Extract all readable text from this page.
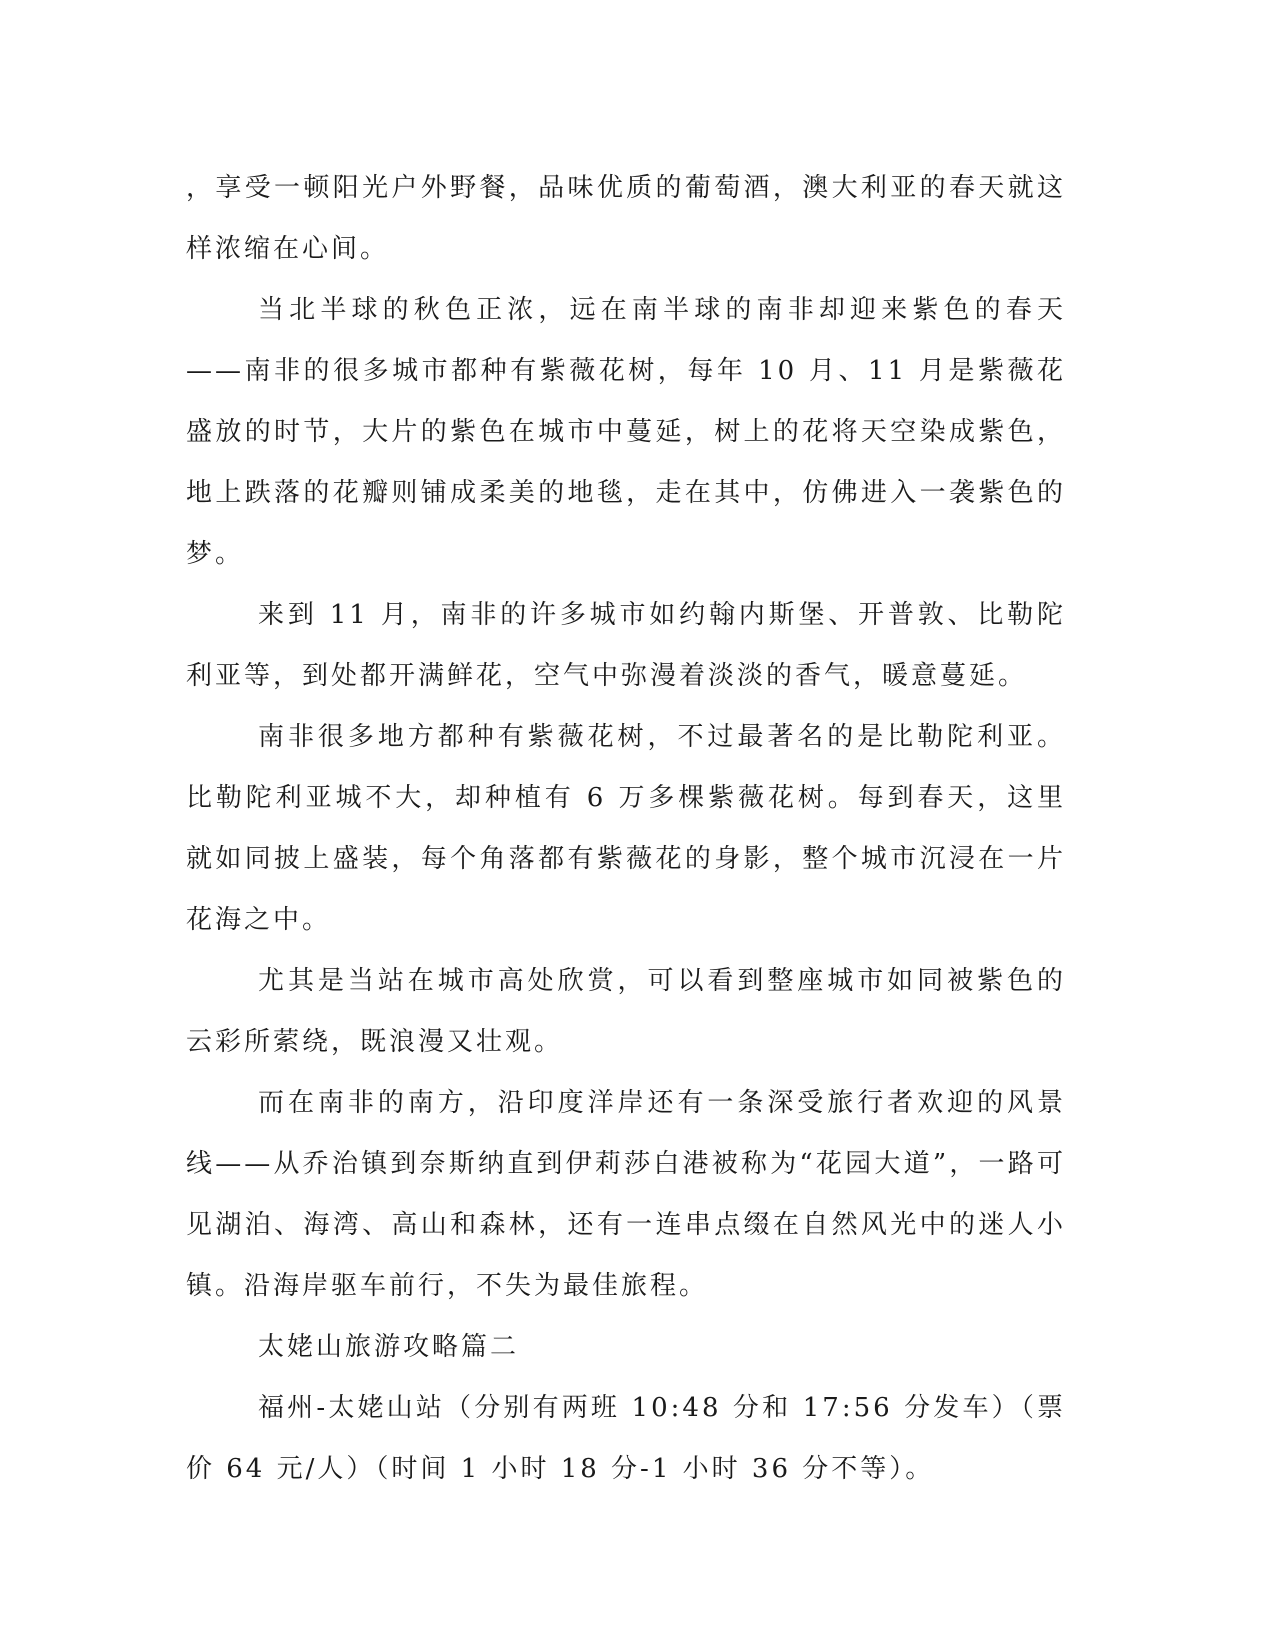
，享受一顿阳光户外野餐，品味优质的葡萄酒，澳大利亚的春天就这样浓缩在心间。

当北半球的秋色正浓，远在南半球的南非却迎来紫色的春天——南非的很多城市都种有紫薇花树，每年 10 月、11 月是紫薇花盛放的时节，大片的紫色在城市中蔓延，树上的花将天空染成紫色，地上跌落的花瓣则铺成柔美的地毯，走在其中，仿佛进入一袭紫色的梦。

来到 11 月，南非的许多城市如约翰内斯堡、开普敦、比勒陀利亚等，到处都开满鲜花，空气中弥漫着淡淡的香气，暖意蔓延。

南非很多地方都种有紫薇花树，不过最著名的是比勒陀利亚。比勒陀利亚城不大，却种植有 6 万多棵紫薇花树。每到春天，这里就如同披上盛装，每个角落都有紫薇花的身影，整个城市沉浸在一片花海之中。

尤其是当站在城市高处欣赏，可以看到整座城市如同被紫色的云彩所萦绕，既浪漫又壮观。

而在南非的南方，沿印度洋岸还有一条深受旅行者欢迎的风景线——从乔治镇到奈斯纳直到伊莉莎白港被称为“花园大道”，一路可见湖泊、海湾、高山和森林，还有一连串点缀在自然风光中的迷人小镇。沿海岸驱车前行，不失为最佳旅程。

太姥山旅游攻略篇二

福州-太姥山站（分别有两班 10:48 分和 17:56 分发车）（票价 64 元/人）（时间 1 小时 18 分-1 小时 36 分不等）。
